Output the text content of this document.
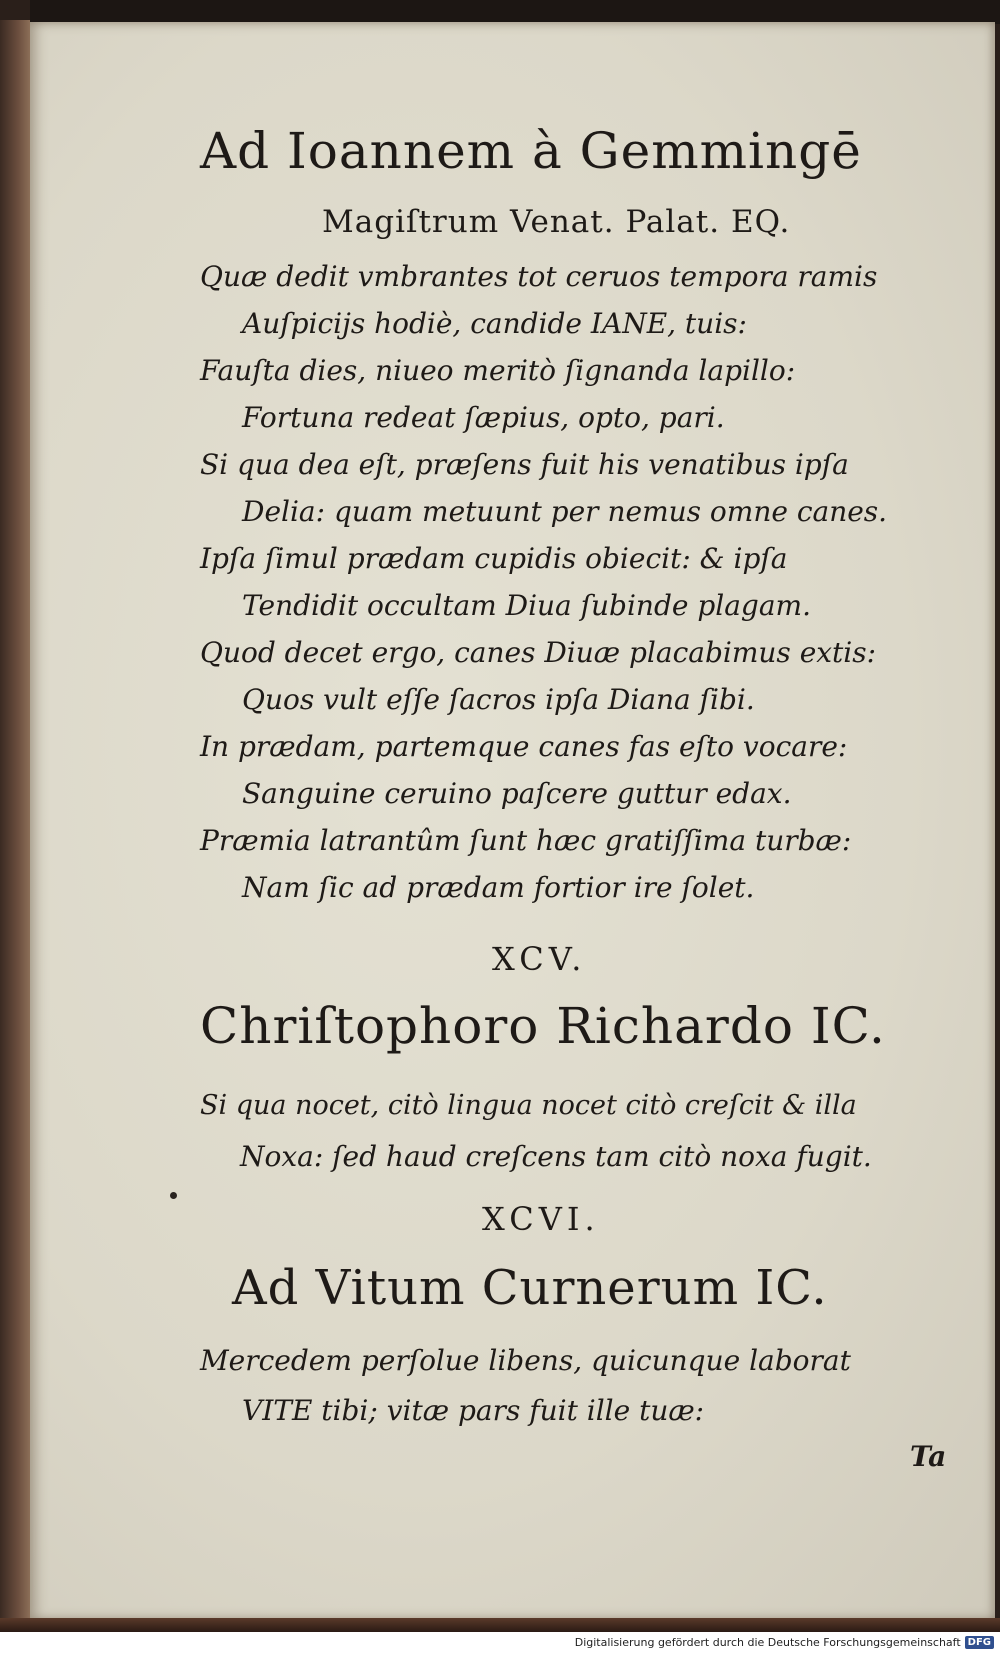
Ad Ioannem à Gemmingē
Magiſtrum Venat. Palat. EQ.
Quæ dedit vmbrantes tot ceruos tempora ramis
Auſpicijs hodiè, candide IANE, tuis:
Fauſta dies, niueo meritò ſignanda lapillo:
Fortuna redeat ſæpius, opto, pari.
Si qua dea eſt, præſens fuit his venatibus ipſa
Delia: quam metuunt per nemus omne canes.
Ipſa ſimul prædam cupidis obiecit: & ipſa
Tendidit occultam Diua ſubinde plagam.
Quod decet ergo, canes Diuæ placabimus extis:
Quos vult eſſe ſacros ipſa Diana ſibi.
In prædam, partemque canes fas eſto vocare:
Sanguine ceruino paſcere guttur edax.
Præmia latrantûm ſunt hæc gratiſſima turbæ:
Nam ſic ad prædam fortior ire ſolet.
XCV.
Chriſtophoro Richardo IC.
Si qua nocet, citò lingua nocet citò creſcit & illa
Noxa: ſed haud creſcens tam citò noxa fugit.
XCVI.
Ad Vitum Curnerum IC.
Mercedem perſolue libens, quicunque laborat
VITE tibi; vitæ pars fuit ille tuæ:
Ta
Digitalisierung gefördert durch die Deutsche Forschungsgemeinschaft DFG
